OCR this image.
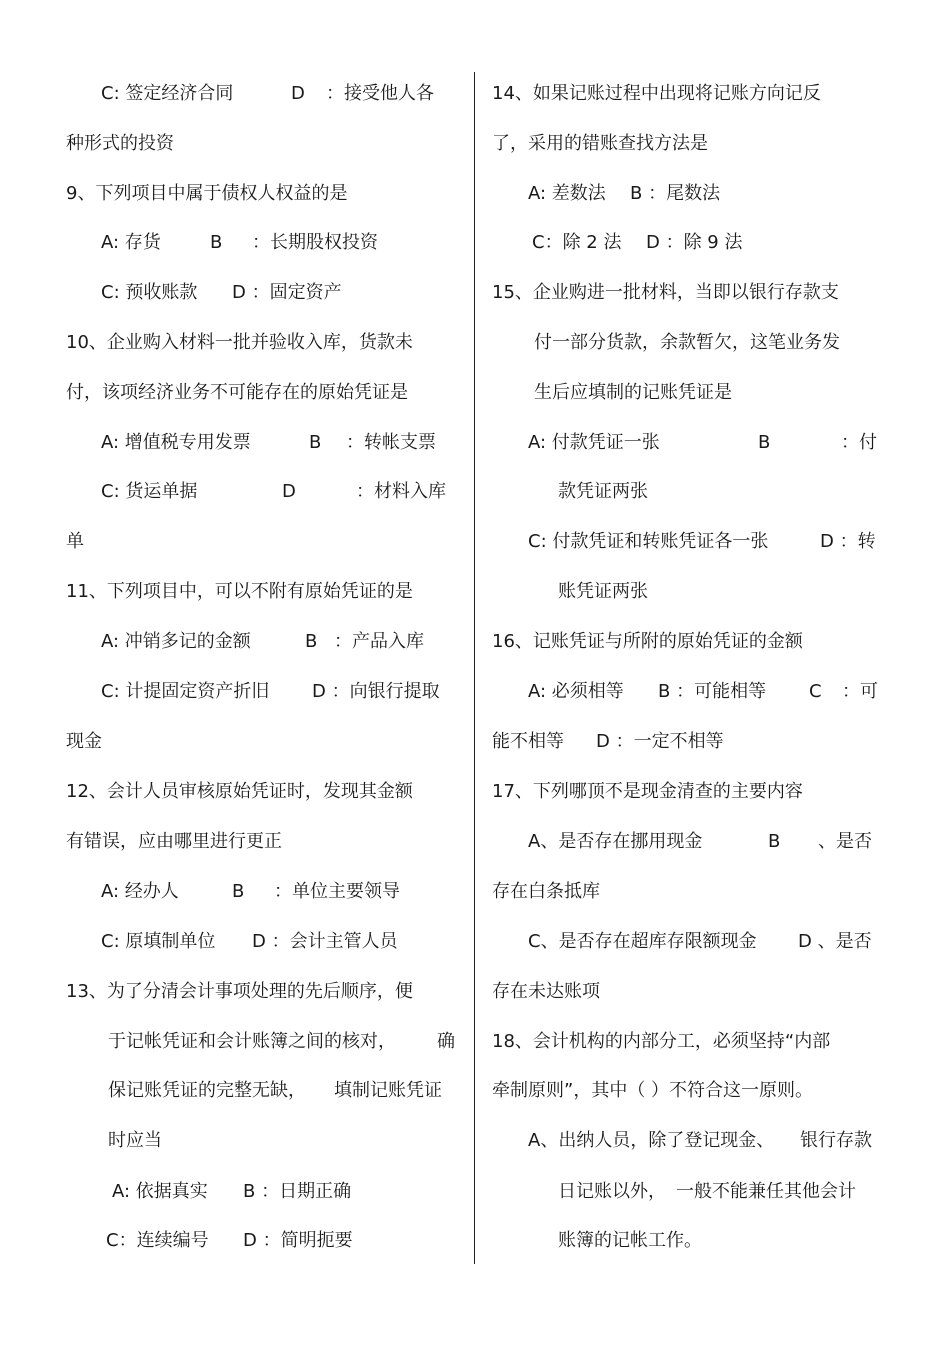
C: 签定经济合同	D ：接受他人各
种形式的投资
9、下列项目中属于债权人权益的是
A: 存货	B ：长期股权投资
C: 预收账款 D ：固定资产
10、企业购入材料一批并验收入库，货款未
付，该项经济业务不可能存在的原始凭证是
A: 增值税专用发票	B ：转帐支票
C: 货运单据	D	：材料入库
单
11、下列项目中，可以不附有原始凭证的是
A: 冲销多记的金额	B ：产品入库
C: 计提固定资产折旧 D ：向银行提取
现金
12、会计人员审核原始凭证时，发现其金额
有错误，应由哪里进行更正
A: 经办人	B ：单位主要领导
C: 原填制单位 D ：会计主管人员
13、为了分清会计事项处理的先后顺序，便
于记帐凭证和会计账簿之间的核对， 确
保记账凭证的完整无缺， 填制记账凭证
时应当
A: 依据真实 B ：日期正确
C：连续编号 D ：简明扼要
14、如果记账过程中出现将记账方向记反
了，采用的错账查找方法是
A: 差数法 B ：尾数法
C：除 2 法 D ：除 9 法
15、企业购进一批材料，当即以银行存款支
付一部分货款，余款暂欠，这笔业务发
生后应填制的记账凭证是
A: 付款凭证一张	B	：付
款凭证两张
C: 付款凭证和转账凭证各一张	D ：转
账凭证两张
16、记账凭证与所附的原始凭证的金额
A: 必须相等 B ：可能相等 C ：可
能不相等 D ：一定不相等
17、下列哪顶不是现金清查的主要内容
A、是否存在挪用现金	B 、是否
存在白条抵库
C、是否存在超库存限额现金 D 、是否
存在未达账项
18、会计机构的内部分工，必须坚持“内部
牵制原则”，其中（ ）不符合这一原则。
A、出纳人员，除了登记现金、 银行存款
日记账以外， 一般不能兼任其他会计
账簿的记帐工作。
